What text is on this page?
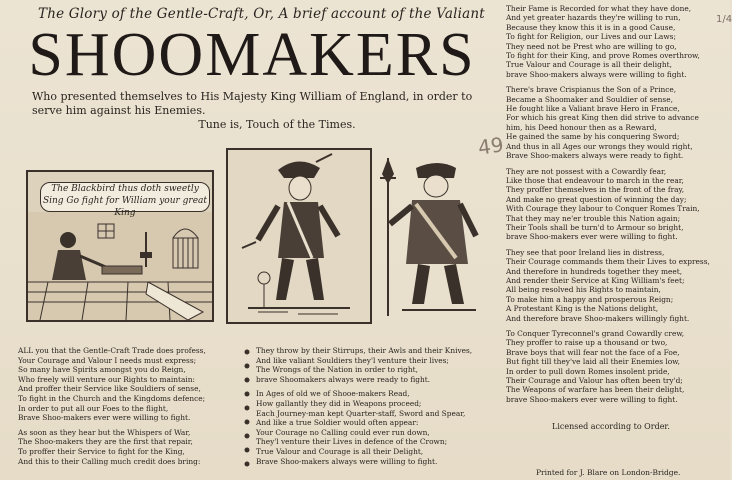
The Glory of the Gentle-Craft, Or, A brief account of the Valiant
SHOOMAKERS
Who presented themselves to His Majesty King William of England, in order to serve him against his Enemies.
Tune is, Touch of the Times.
49
The Blackbird thus doth sweetly Sing Go fight for William your great King
ALL you that the Gentle-Craft Trade does profess,
Your Courage and Valour I needs must express;
So many have Spirits amongst you do Reign,
Who freely will venture our Rights to maintain:
And proffer their Service like Souldiers of sense,
To fight in the Church and the Kingdoms defence;
In order to put all our Foes to the flight,
Brave Shoo-makers ever were willing to fight.
As soon as they hear but the Whispers of War,
The Shoo-makers they are the first that repair,
To proffer their Service to fight for the King,
And this to their Calling much credit does bring:
They throw by their Stirrups, their Awls and their Knives,
And like valiant Souldiers they'l venture their lives;
The Wrongs of the Nation in order to right,
brave Shoomakers always were ready to fight.
In Ages of old we of Shooe-makers Read,
How gallantly they did in Weapons proceed;
Each Journey-man kept Quarter-staff, Sword and Spear,
And like a true Soldier would often appear:
Your Courage no Calling could ever run down,
They'l venture their Lives in defence of the Crown;
True Valour and Courage is all their Delight,
Brave Shoo-makers always were willing to fight.
1/4
Their Fame is Recorded for what they have done,
And yet greater hazards they're willing to run,
Because they know this it is in a good Cause,
To fight for Religion, our Lives and our Laws;
They need not be Prest who are willing to go,
To fight for their King, and prove Romes overthrow,
True Valour and Courage is all their delight,
brave Shoo-makers always were willing to fight.
There's brave Crispianus the Son of a Prince,
Became a Shoomaker and Souldier of sense,
He fought like a Valiant brave Hero in France,
For which his great King then did strive to advance
him, his Deed honour then as a Reward,
He gained the same by his conquering Sword;
And thus in all Ages our wrongs they would right,
Brave Shoo-makers always were ready to fight.
They are not possest with a Cowardly fear,
Like those that endeavour to march in the rear,
They proffer themselves in the front of the fray,
And make no great question of winning the day;
With Courage they labour to Conquer Romes Train,
That they may ne'er trouble this Nation again;
Their Tools shall be turn'd to Armour so bright,
brave Shoo-makers ever were willing to fight.
They see that poor Ireland lies in distress,
Their Courage commands them their Lives to express,
And therefore in hundreds together they meet,
And render their Service at King William's feet;
All being resolved his Rights to maintain,
To make him a happy and prosperous Reign;
A Protestant King is the Nations delight,
And therefore brave Shoo-makers willingly fight.
To Conquer Tyreconnel's grand Cowardly crew,
They proffer to raise up a thousand or two,
Brave boys that will fear not the face of a Foe,
But fight till they've laid all their Enemies low,
In order to pull down Romes insolent pride,
Their Courage and Valour has often been try'd;
The Weapons of warfare has been their delight,
brave Shoo-makers ever were willing to fight.
Licensed according to Order.
Printed for J. Blare on London-Bridge.
